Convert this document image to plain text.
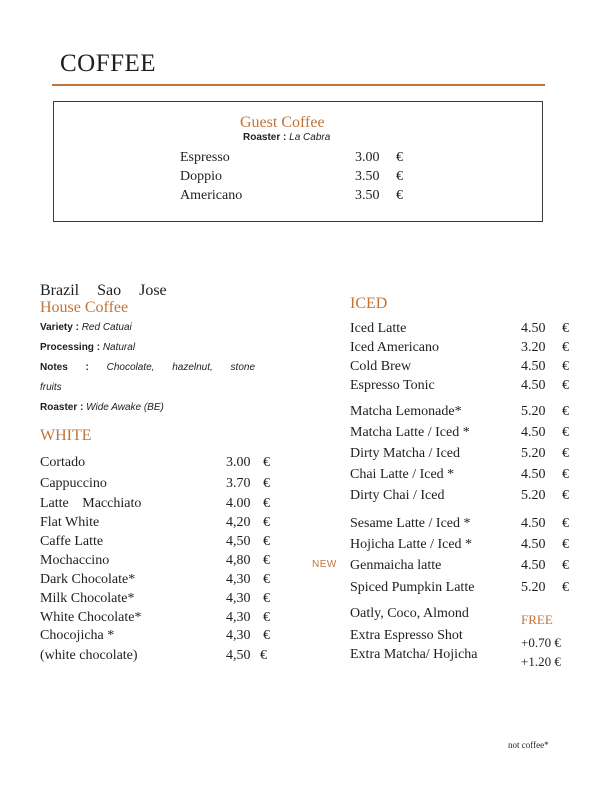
COFFEE
Guest Coffee
Roaster : La Cabra
Espresso	3.00 €
Doppio	3.50 €
Americano	3.50 €
Brazil Sao Jose
House Coffee
Variety : Red Catuai
Processing : Natural
Notes : Chocolate, hazelnut, stone
fruits
Roaster : Wide Awake (BE)
WHITE
Cortado	3.00 €
Cappuccino	3.70 €
Latte Macchiato	4.00 €
Flat White	4,20 €
Caffe Latte	4,50 €
Mochaccino	4,80 €
Dark Chocolate*	4,30 €
Milk Chocolate*	4,30 €
White Chocolate*	4,30 €
Chocojicha *	4,30 €
(white chocolate)	4,50 €
ICED
Iced Latte	4.50 €
Iced Americano	3.20 €
Cold Brew	4.50 €
Espresso Tonic	4.50 €
Matcha Lemonade*	5.20 €
Matcha Latte / Iced *	4.50 €
Dirty Matcha / Iced	5.20 €
Chai Latte / Iced *	4.50 €
Dirty Chai / Iced	5.20 €
Sesame Latte / Iced *	4.50 €
Hojicha Latte / Iced *	4.50 €
NEW Genmaicha latte	4.50 €
Spiced Pumpkin Latte	5.20 €
Oatly, Coco, Almond	FREE
Extra Espresso Shot	+0.70 €
Extra Matcha/ Hojicha	+1.20 €
not coffee*
